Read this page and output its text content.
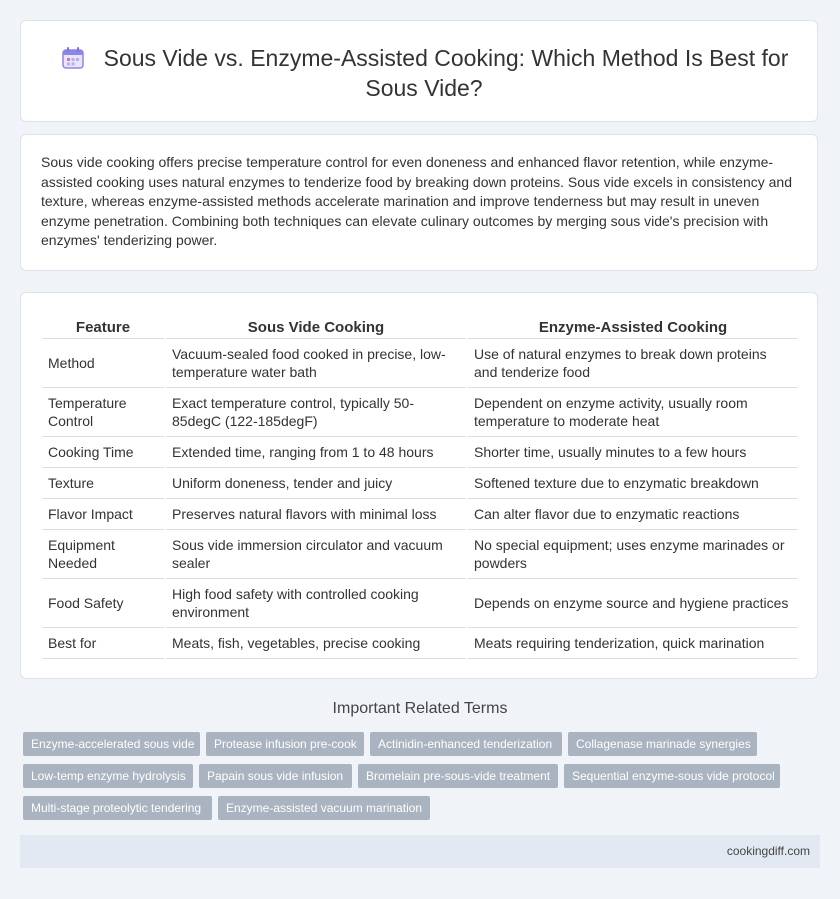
Sous Vide vs. Enzyme-Assisted Cooking: Which Method Is Best for Sous Vide?
Sous vide cooking offers precise temperature control for even doneness and enhanced flavor retention, while enzyme-assisted cooking uses natural enzymes to tenderize food by breaking down proteins. Sous vide excels in consistency and texture, whereas enzyme-assisted methods accelerate marination and improve tenderness but may result in uneven enzyme penetration. Combining both techniques can elevate culinary outcomes by merging sous vide's precision with enzymes' tenderizing power.
Feature	Sous Vide Cooking	Enzyme-Assisted Cooking
Method	Vacuum-sealed food cooked in precise, low-temperature water bath	Use of natural enzymes to break down proteins and tenderize food
Temperature Control	Exact temperature control, typically 50-85degC (122-185degF)	Dependent on enzyme activity, usually room temperature to moderate heat
Cooking Time	Extended time, ranging from 1 to 48 hours	Shorter time, usually minutes to a few hours
Texture	Uniform doneness, tender and juicy	Softened texture due to enzymatic breakdown
Flavor Impact	Preserves natural flavors with minimal loss	Can alter flavor due to enzymatic reactions
Equipment Needed	Sous vide immersion circulator and vacuum sealer	No special equipment; uses enzyme marinades or powders
Food Safety	High food safety with controlled cooking environment	Depends on enzyme source and hygiene practices
Best for	Meats, fish, vegetables, precise cooking	Meats requiring tenderization, quick marination
Important Related Terms
Enzyme-accelerated sous vide	Protease infusion pre-cook	Actinidin-enhanced tenderization	Collagenase marinade synergies
Low-temp enzyme hydrolysis	Papain sous vide infusion	Bromelain pre-sous-vide treatment	Sequential enzyme-sous vide protocol
Multi-stage proteolytic tendering	Enzyme-assisted vacuum marination
cookingdiff.com
